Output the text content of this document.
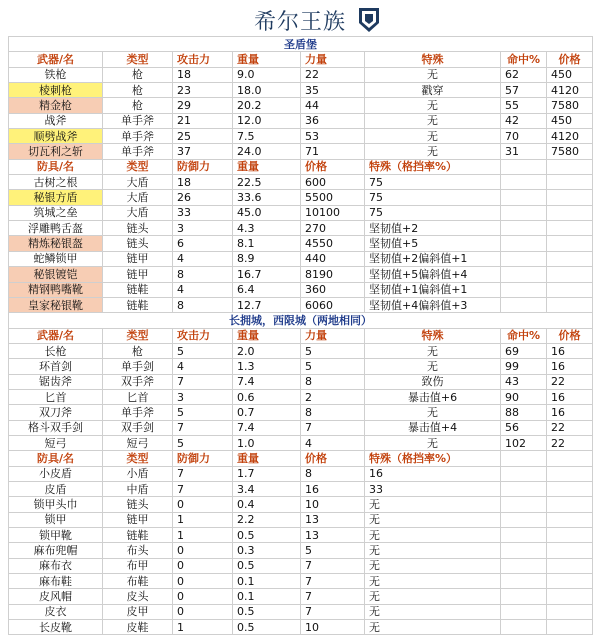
希尔王族
圣盾堡							
武器/名	类型	攻击力	重量	力量	特殊	命中%	价格
铁枪	枪	18	9.0	22	无	62	450
棱刺枪	枪	23	18.0	35	戳穿	57	4120
精金枪	枪	29	20.2	44	无	55	7580
战斧	单手斧	21	12.0	36	无	42	450
顺劈战斧	单手斧	25	7.5	53	无	70	4120
切瓦利之斩	单手斧	37	24.0	71	无	31	7580
防具/名	类型	防御力	重量	价格	特殊（格挡率%）		
古树之根	大盾	18	22.5	600	75		
秘银方盾	大盾	26	33.6	5500	75		
筑城之垒	大盾	33	45.0	10100	75		
浮雕鸭舌盔	链头	3	4.3	270	坚韧值+2		
精炼秘银盔	链头	6	8.1	4550	坚韧值+5		
蛇鳞锁甲	链甲	4	8.9	440	坚韧值+2偏斜值+1		
秘银镀铠	链甲	8	16.7	8190	坚韧值+5偏斜值+4		
精钢鸭嘴靴	链鞋	4	6.4	360	坚韧值+1偏斜值+1		
皇家秘银靴	链鞋	8	12.7	6060	坚韧值+4偏斜值+3		
长拥城，西限城（两地相同）							
武器/名	类型	攻击力	重量	力量	特殊	命中%	价格
长枪	枪	5	2.0	5	无	69	16
环首剑	单手剑	4	1.3	5	无	99	16
锯齿斧	双手斧	7	7.4	8	致伤	43	22
匕首	匕首	3	0.6	2	暴击值+6	90	16
双刀斧	单手斧	5	0.7	8	无	88	16
格斗双手剑	双手剑	7	7.4	7	暴击值+4	56	22
短弓	短弓	5	1.0	4	无	102	22
防具/名	类型	防御力	重量	价格	特殊（格挡率%）		
小皮盾	小盾	7	1.7	8	16		
皮盾	中盾	7	3.4	16	33		
锁甲头巾	链头	0	0.4	10	无		
锁甲	链甲	1	2.2	13	无		
锁甲靴	链鞋	1	0.5	13	无		
麻布兜帽	布头	0	0.3	5	无		
麻布衣	布甲	0	0.5	7	无		
麻布鞋	布鞋	0	0.1	7	无		
皮风帽	皮头	0	0.1	7	无		
皮衣	皮甲	0	0.5	7	无		
长皮靴	皮鞋	1	0.5	10	无		
